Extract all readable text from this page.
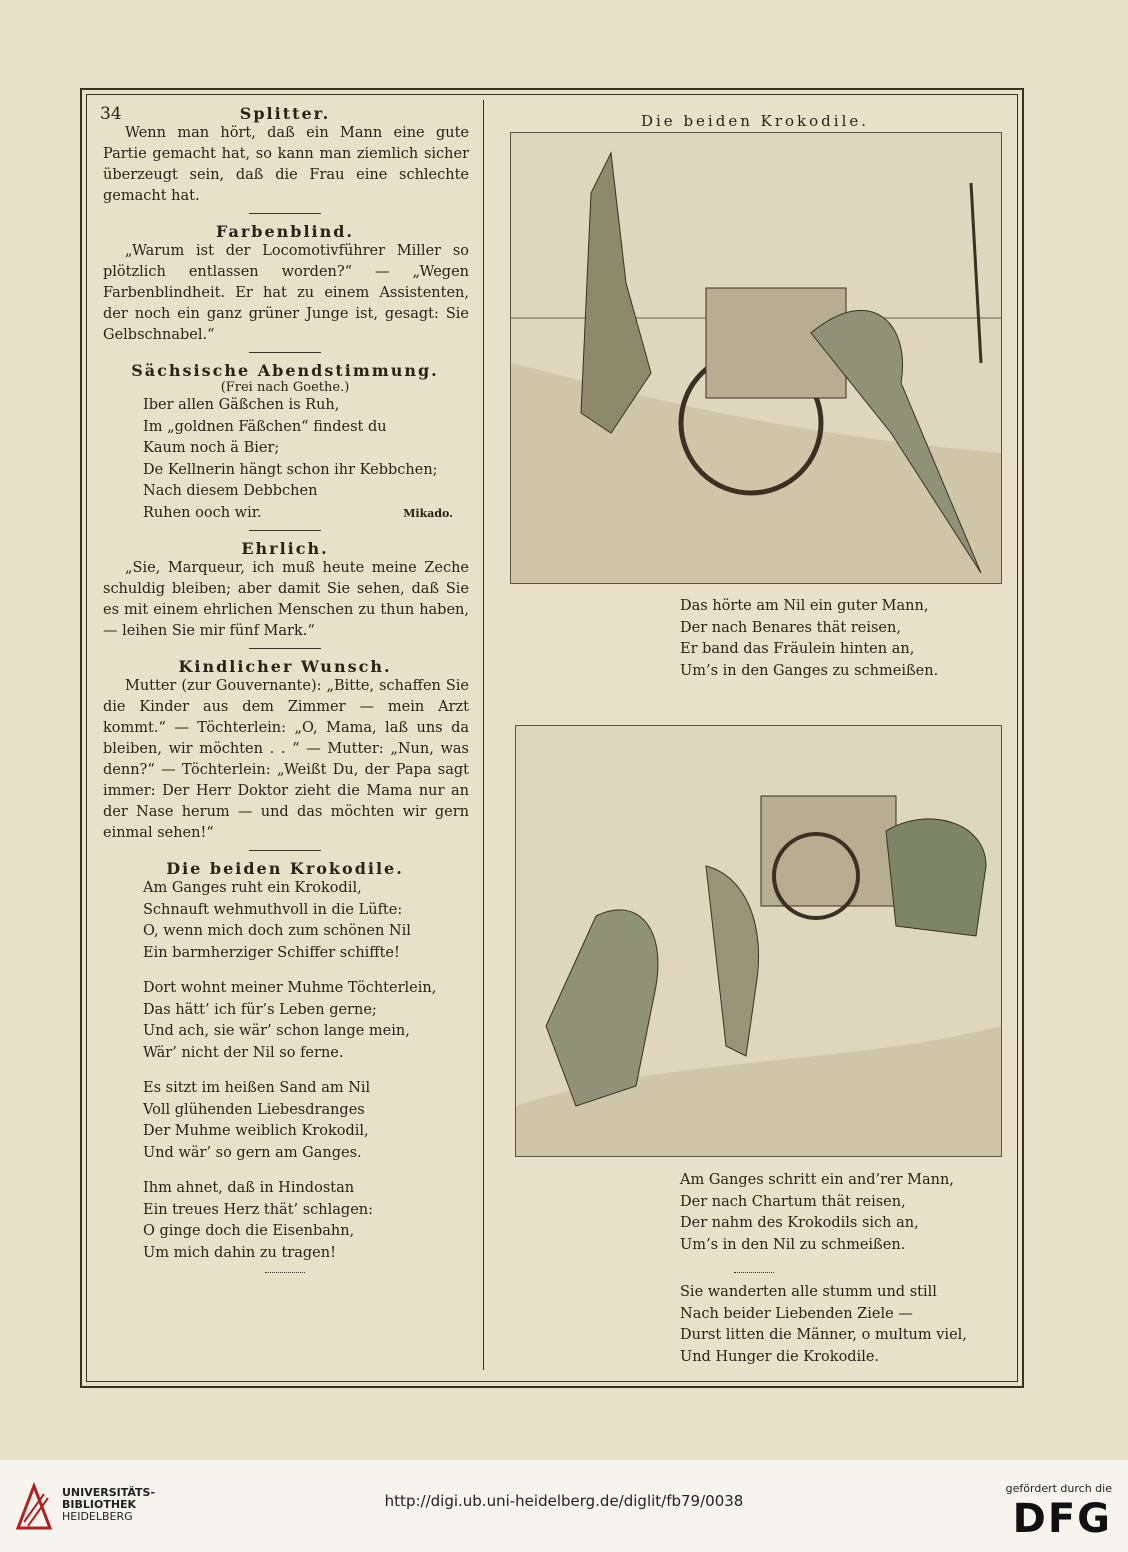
34	Splitter.

Wenn man hört, daß ein Mann eine gute Partie gemacht hat, so kann man ziemlich sicher überzeugt sein, daß die Frau eine schlechte gemacht hat.

Farbenblind.

„Warum ist der Locomotivführer Miller so plötzlich entlassen worden?“ — „Wegen Farbenblindheit. Er hat zu einem Assistenten, der noch ein ganz grüner Junge ist, gesagt: Sie Gelbschnabel.“

Sächsische Abendstimmung.
(Frei nach Goethe.)
Iber allen Gäßchen is Ruh,
Im „goldnen Fäßchen“ findest du
Kaum noch ä Bier;
De Kellnerin hängt schon ihr Kebbchen;
Nach diesem Debbchen
Ruhen ooch wir.	Mikado.
Ehrlich.

„Sie, Marqueur, ich muß heute meine Zeche schuldig bleiben; aber damit Sie sehen, daß Sie es mit einem ehrlichen Menschen zu thun haben, — leihen Sie mir fünf Mark.“

Kindlicher Wunsch.

Mutter (zur Gouvernante): „Bitte, schaffen Sie die Kinder aus dem Zimmer — mein Arzt kommt.“ — Töchterlein: „O, Mama, laß uns da bleiben, wir möchten . . “ — Mutter: „Nun, was denn?“ — Töchterlein: „Weißt Du, der Papa sagt immer: Der Herr Doktor zieht die Mama nur an der Nase herum — und das möchten wir gern einmal sehen!“

Die beiden Krokodile.
Am Ganges ruht ein Krokodil,
Schnauft wehmuthvoll in die Lüfte:
O, wenn mich doch zum schönen Nil
Ein barmherziger Schiffer schiffte!
Dort wohnt meiner Muhme Töchterlein,
Das hätt’ ich für’s Leben gerne;
Und ach, sie wär’ schon lange mein,
Wär’ nicht der Nil so ferne.
Es sitzt im heißen Sand am Nil
Voll glühenden Liebesdranges
Der Muhme weiblich Krokodil,
Und wär’ so gern am Ganges.
Ihm ahnet, daß in Hindostan
Ein treues Herz thät’ schlagen:
O ginge doch die Eisenbahn,
Um mich dahin zu tragen!
Die beiden Krokodile.
Das hörte am Nil ein guter Mann,
Der nach Benares thät reisen,
Er band das Fräulein hinten an,
Um’s in den Ganges zu schmeißen.
Am Ganges schritt ein and’rer Mann,
Der nach Chartum thät reisen,
Der nahm des Krokodils sich an,
Um’s in den Nil zu schmeißen.
Sie wanderten alle stumm und still
Nach beider Liebenden Ziele —
Durst litten die Männer, o multum viel,
Und Hunger die Krokodile.
UNIVERSITÄTS-
BIBLIOTHEK
HEIDELBERG
http://digi.ub.uni-heidelberg.de/diglit/fb79/0038
gefördert durch die
DFG
